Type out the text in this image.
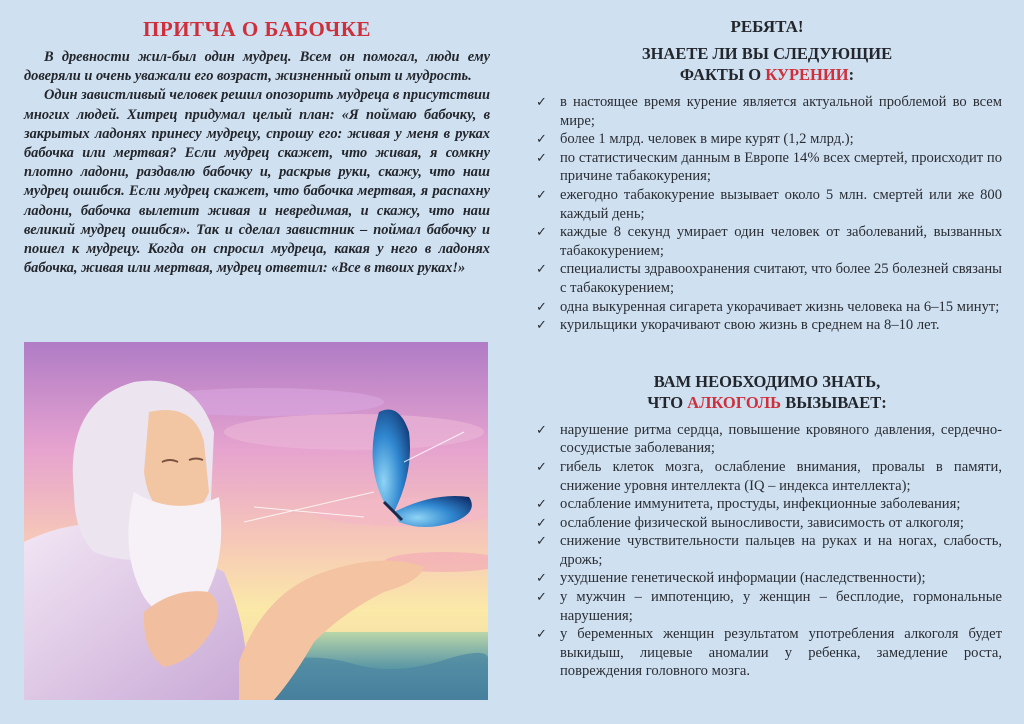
ПРИТЧА О БАБОЧКЕ

В древности жил-был один мудрец. Всем он помогал, люди ему доверяли и очень уважали его возраст, жизненный опыт и мудрость.

Один завистливый человек решил опозорить мудреца в присутствии многих людей. Хитрец придумал целый план: «Я поймаю бабочку, в закрытых ладонях принесу мудрецу, спрошу его: живая у меня в руках бабочка или мертвая? Если мудрец скажет, что живая, я сомкну плотно ладони, раздавлю бабочку и, раскрыв руки, скажу, что наш мудрец ошибся. Если мудрец скажет, что бабочка мертвая, я распахну ладони, бабочка вылетит живая и невредимая, и скажу, что наш великий мудрец ошибся». Так и сделал завистник – поймал бабочку и пошел к мудрецу. Когда он спросил мудреца, какая у него в ладонях бабочка, живая или мертвая, мудрец ответил: «Все в твоих руках!»

РЕБЯТА!
ЗНАЕТЕ ЛИ ВЫ СЛЕДУЮЩИЕ
ФАКТЫ О КУРЕНИИ:
✓ в настоящее время курение является актуальной проблемой во всем мире;
✓ более 1 млрд. человек в мире курят (1,2 млрд.);
✓ по статистическим данным в Европе 14% всех смертей, происходит по причине табакокурения;
✓ ежегодно табакокурение вызывает около 5 млн. смертей или же 800 каждый день;
✓ каждые 8 секунд умирает один человек от заболеваний, вызванных табакокурением;
✓ специалисты здравоохранения считают, что более 25 болезней связаны с табакокурением;
✓ одна выкуренная сигарета укорачивает жизнь человека на 6–15 минут;
✓ курильщики укорачивают свою жизнь в среднем на 8–10 лет.
ВАМ НЕОБХОДИМО ЗНАТЬ,
ЧТО АЛКОГОЛЬ ВЫЗЫВАЕТ:
✓ нарушение ритма сердца, повышение кровяного давления, сердечно-сосудистые заболевания;
✓ гибель клеток мозга, ослабление внимания, провалы в памяти, снижение уровня интеллекта (IQ – индекса интеллекта);
✓ ослабление иммунитета, простуды, инфекционные заболевания;
✓ ослабление физической выносливости, зависимость от алкоголя;
✓ снижение чувствительности пальцев на руках и на ногах, слабость, дрожь;
✓ ухудшение генетической информации (наследственности);
✓ у мужчин – импотенцию, у женщин – бесплодие, гормональные нарушения;
✓ у беременных женщин результатом употребления алкоголя будет выкидыш, лицевые аномалии у ребенка, замедление роста, повреждения головного мозга.
